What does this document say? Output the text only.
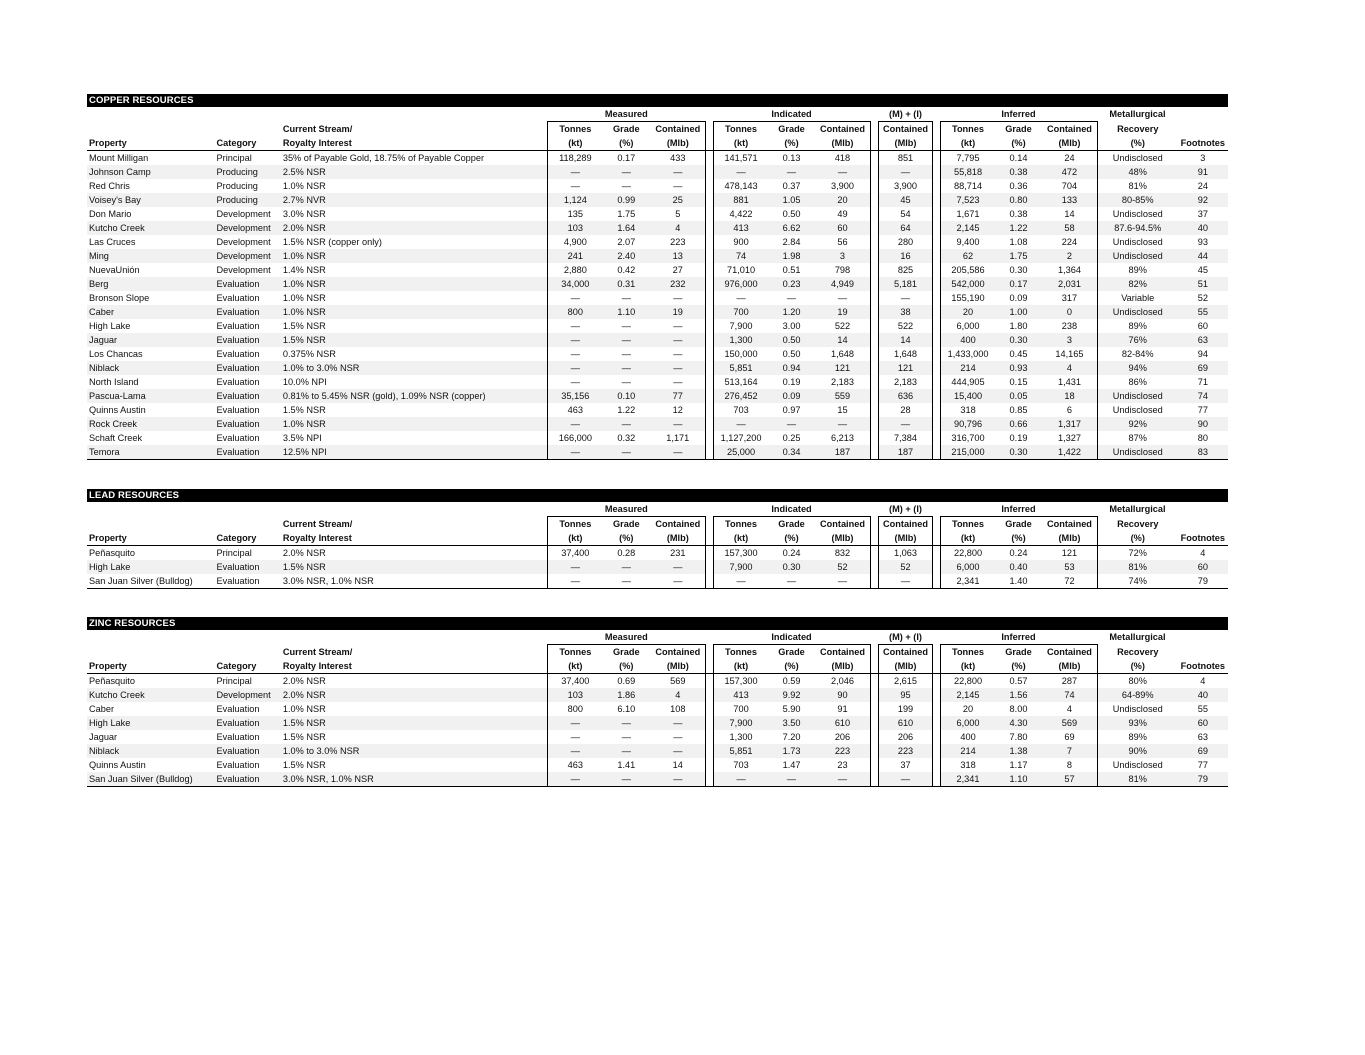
COPPER RESOURCES
					Measured				Indicated			(M) + (I)			Inferred		Metallurgical	
		Current Stream/		Tonnes	Grade	Contained		Tonnes	Grade	Contained		Contained		Tonnes	Grade	Contained	Recovery	
Property	Category	Royalty Interest		(kt)	(%)	(Mlb)		(kt)	(%)	(Mlb)		(Mlb)		(kt)	(%)	(Mlb)	(%)	Footnotes
Mount Milligan	Principal	35% of Payable Gold, 18.75% of Payable Copper		118,289	0.17	433		141,571	0.13	418		851		7,795	0.14	24	Undisclosed	3
Johnson Camp	Producing	2.5% NSR		—	—	—		—	—	—		—		55,818	0.38	472	48%	91
Red Chris	Producing	1.0% NSR		—	—	—		478,143	0.37	3,900		3,900		88,714	0.36	704	81%	24
Voisey's Bay	Producing	2.7% NVR		1,124	0.99	25		881	1.05	20		45		7,523	0.80	133	80-85%	92
Don Mario	Development	3.0% NSR		135	1.75	5		4,422	0.50	49		54		1,671	0.38	14	Undisclosed	37
Kutcho Creek	Development	2.0% NSR		103	1.64	4		413	6.62	60		64		2,145	1.22	58	87.6-94.5%	40
Las Cruces	Development	1.5% NSR (copper only)		4,900	2.07	223		900	2.84	56		280		9,400	1.08	224	Undisclosed	93
Ming	Development	1.0% NSR		241	2.40	13		74	1.98	3		16		62	1.75	2	Undisclosed	44
NuevaUnión	Development	1.4% NSR		2,880	0.42	27		71,010	0.51	798		825		205,586	0.30	1,364	89%	45
Berg	Evaluation	1.0% NSR		34,000	0.31	232		976,000	0.23	4,949		5,181		542,000	0.17	2,031	82%	51
Bronson Slope	Evaluation	1.0% NSR		—	—	—		—	—	—		—		155,190	0.09	317	Variable	52
Caber	Evaluation	1.0% NSR		800	1.10	19		700	1.20	19		38		20	1.00	0	Undisclosed	55
High Lake	Evaluation	1.5% NSR		—	—	—		7,900	3.00	522		522		6,000	1.80	238	89%	60
Jaguar	Evaluation	1.5% NSR		—	—	—		1,300	0.50	14		14		400	0.30	3	76%	63
Los Chancas	Evaluation	0.375% NSR		—	—	—		150,000	0.50	1,648		1,648		1,433,000	0.45	14,165	82-84%	94
Niblack	Evaluation	1.0% to 3.0% NSR		—	—	—		5,851	0.94	121		121		214	0.93	4	94%	69
North Island	Evaluation	10.0% NPI		—	—	—		513,164	0.19	2,183		2,183		444,905	0.15	1,431	86%	71
Pascua-Lama	Evaluation	0.81% to 5.45% NSR (gold), 1.09% NSR (copper)		35,156	0.10	77		276,452	0.09	559		636		15,400	0.05	18	Undisclosed	74
Quinns Austin	Evaluation	1.5% NSR		463	1.22	12		703	0.97	15		28		318	0.85	6	Undisclosed	77
Rock Creek	Evaluation	1.0% NSR		—	—	—		—	—	—		—		90,796	0.66	1,317	92%	90
Schaft Creek	Evaluation	3.5% NPI		166,000	0.32	1,171		1,127,200	0.25	6,213		7,384		316,700	0.19	1,327	87%	80
Temora	Evaluation	12.5% NPI		—	—	—		25,000	0.34	187		187		215,000	0.30	1,422	Undisclosed	83
LEAD RESOURCES
					Measured				Indicated			(M) + (I)			Inferred		Metallurgical	
		Current Stream/		Tonnes	Grade	Contained		Tonnes	Grade	Contained		Contained		Tonnes	Grade	Contained	Recovery	
Property	Category	Royalty Interest		(kt)	(%)	(Mlb)		(kt)	(%)	(Mlb)		(Mlb)		(kt)	(%)	(Mlb)	(%)	Footnotes
Peñasquito	Principal	2.0% NSR		37,400	0.28	231		157,300	0.24	832		1,063		22,800	0.24	121	72%	4
High Lake	Evaluation	1.5% NSR		—	—	—		7,900	0.30	52		52		6,000	0.40	53	81%	60
San Juan Silver (Bulldog)	Evaluation	3.0% NSR, 1.0% NSR		—	—	—		—	—	—		—		2,341	1.40	72	74%	79
ZINC RESOURCES
					Measured				Indicated			(M) + (I)			Inferred		Metallurgical	
		Current Stream/		Tonnes	Grade	Contained		Tonnes	Grade	Contained		Contained		Tonnes	Grade	Contained	Recovery	
Property	Category	Royalty Interest		(kt)	(%)	(Mlb)		(kt)	(%)	(Mlb)		(Mlb)		(kt)	(%)	(Mlb)	(%)	Footnotes
Peñasquito	Principal	2.0% NSR		37,400	0.69	569		157,300	0.59	2,046		2,615		22,800	0.57	287	80%	4
Kutcho Creek	Development	2.0% NSR		103	1.86	4		413	9.92	90		95		2,145	1.56	74	64-89%	40
Caber	Evaluation	1.0% NSR		800	6.10	108		700	5.90	91		199		20	8.00	4	Undisclosed	55
High Lake	Evaluation	1.5% NSR		—	—	—		7,900	3.50	610		610		6,000	4.30	569	93%	60
Jaguar	Evaluation	1.5% NSR		—	—	—		1,300	7.20	206		206		400	7.80	69	89%	63
Niblack	Evaluation	1.0% to 3.0% NSR		—	—	—		5,851	1.73	223		223		214	1.38	7	90%	69
Quinns Austin	Evaluation	1.5% NSR		463	1.41	14		703	1.47	23		37		318	1.17	8	Undisclosed	77
San Juan Silver (Bulldog)	Evaluation	3.0% NSR, 1.0% NSR		—	—	—		—	—	—		—		2,341	1.10	57	81%	79
